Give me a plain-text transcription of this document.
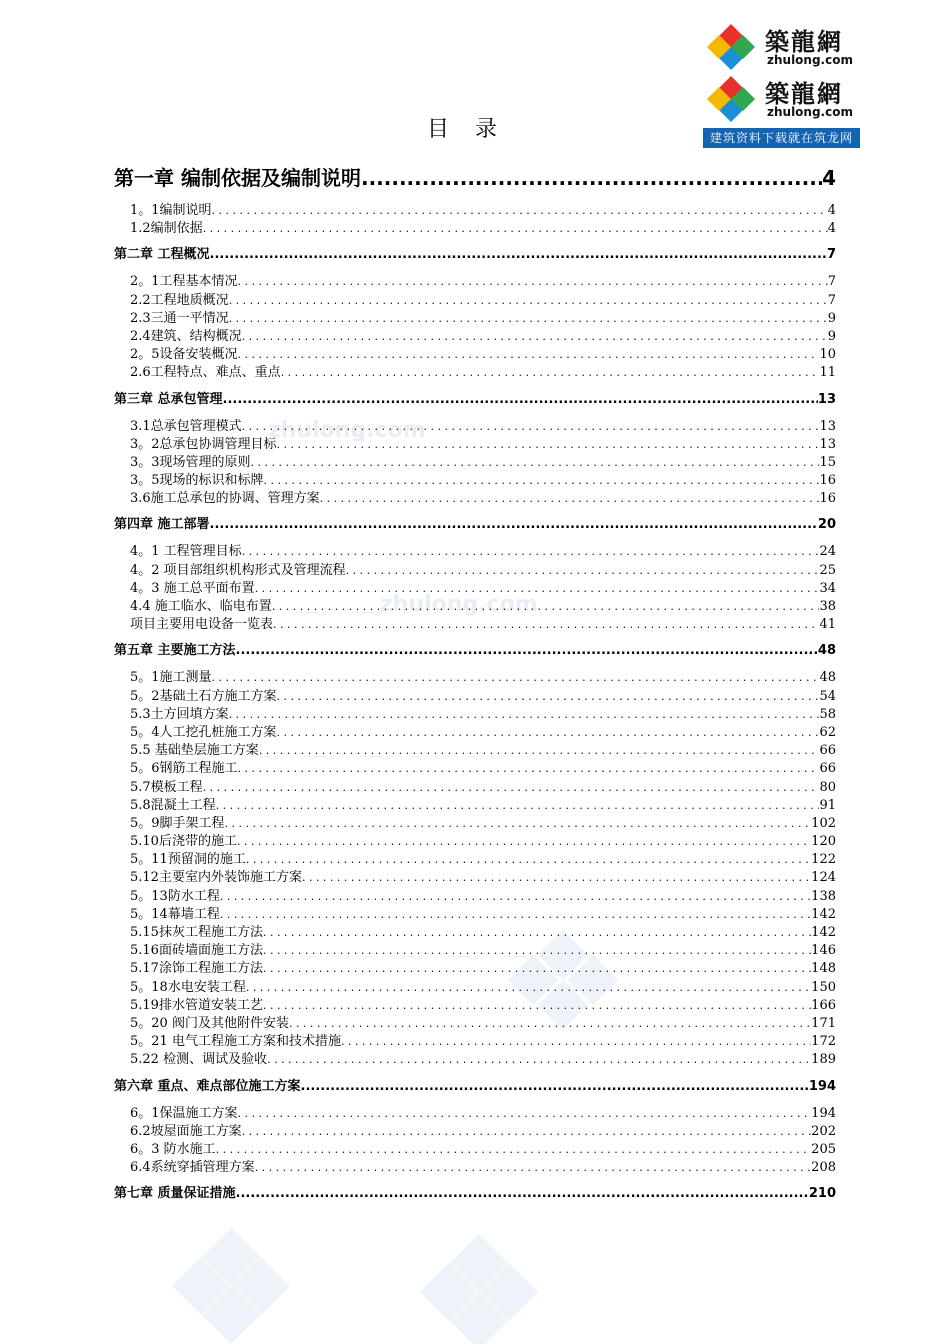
zhulong.com
zhulong.com
築龍網
zhulong.com
築龍網
zhulong.com
建筑资料下载就在筑龙网
目录
第一章 编制依据及编制说明 .....	4
1。1编制说明 . . .	4
1.2编制依据 . . .	4
第二章 工程概况 .....	7
2。1工程基本情况 . . .	7
2.2工程地质概况 . . .	7
2.3三通一平情况 . . .	9
2.4建筑、结构概况 . . .	9
2。5设备安装概况 . . .	10
2.6工程特点、难点、重点 . . .	11
第三章 总承包管理 .....	13
3.1总承包管理模式 . . .	13
3。2总承包协调管理目标 . . .	13
3。3现场管理的原则 . . .	15
3。5现场的标识和标牌 . . .	16
3.6施工总承包的协调、管理方案 . . .	16
第四章 施工部署 .....	20
4。1 工程管理目标 . . .	24
4。2 项目部组织机构形式及管理流程 . . .	25
4。3 施工总平面布置 . . .	34
4.4 施工临水、临电布置 . . .	38
项目主要用电设备一览表 . . .	41
第五章 主要施工方法 .....	48
5。1施工测量 . . .	48
5。2基础土石方施工方案 . . .	54
5.3土方回填方案 . . .	58
5。4人工挖孔桩施工方案 . . .	62
5.5 基础垫层施工方案 . . .	66
5。6钢筋工程施工 . . .	66
5.7模板工程 . . .	80
5.8混凝土工程 . . .	91
5。9脚手架工程 . . .	102
5.10后浇带的施工 . . .	120
5。11预留洞的施工 . . .	122
5.12主要室内外装饰施工方案 . . .	124
5。13防水工程 . . .	138
5。14幕墙工程 . . .	142
5.15抹灰工程施工方法 . . .	142
5.16面砖墙面施工方法 . . .	146
5.17涂饰工程施工方法 . . .	148
5。18水电安装工程 . . .	150
5.19排水管道安装工艺 . . .	166
5。20 阀门及其他附件安装 . . .	171
5。21 电气工程施工方案和技术措施 . . .	172
5.22 检测、调试及验收 . . .	189
第六章 重点、难点部位施工方案 .....	194
6。1保温施工方案 . . .	194
6.2坡屋面施工方案 . . .	202
6。3 防水施工 . . .	205
6.4系统穿插管理方案 . . .	208
第七章 质量保证措施 .....	210
